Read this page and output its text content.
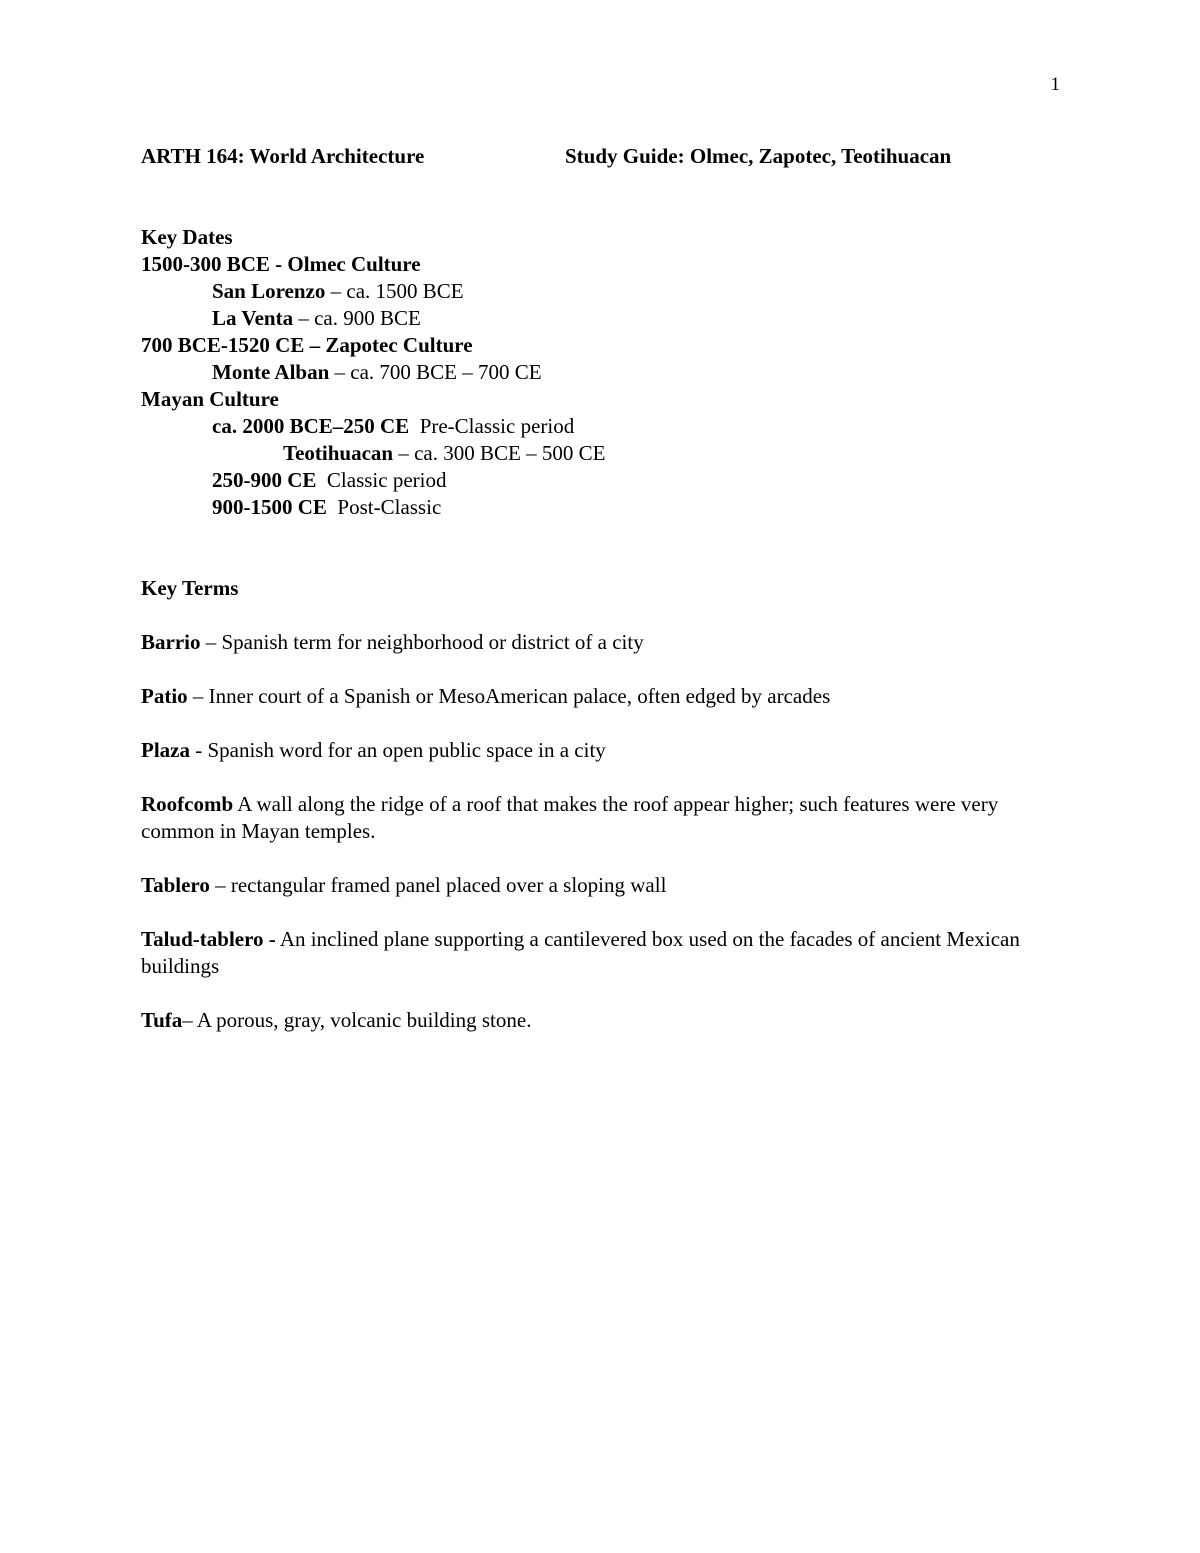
1
ARTH 164: World Architecture	Study Guide: Olmec, Zapotec, Teotihuacan
Key Dates
1500-300 BCE - Olmec Culture
San Lorenzo – ca. 1500 BCE
La Venta – ca. 900 BCE
700 BCE-1520 CE – Zapotec Culture
Monte Alban – ca. 700 BCE – 700 CE
Mayan Culture
ca. 2000 BCE–250 CE  Pre-Classic period
Teotihuacan – ca. 300 BCE – 500 CE
250-900 CE  Classic period
900-1500 CE  Post-Classic
Key Terms
Barrio – Spanish term for neighborhood or district of a city
Patio – Inner court of a Spanish or MesoAmerican palace, often edged by arcades
Plaza - Spanish word for an open public space in a city
Roofcomb A wall along the ridge of a roof that makes the roof appear higher; such features were very common in Mayan temples.
Tablero – rectangular framed panel placed over a sloping wall
Talud-tablero - An inclined plane supporting a cantilevered box used on the facades of ancient Mexican buildings
Tufa– A porous, gray, volcanic building stone.
